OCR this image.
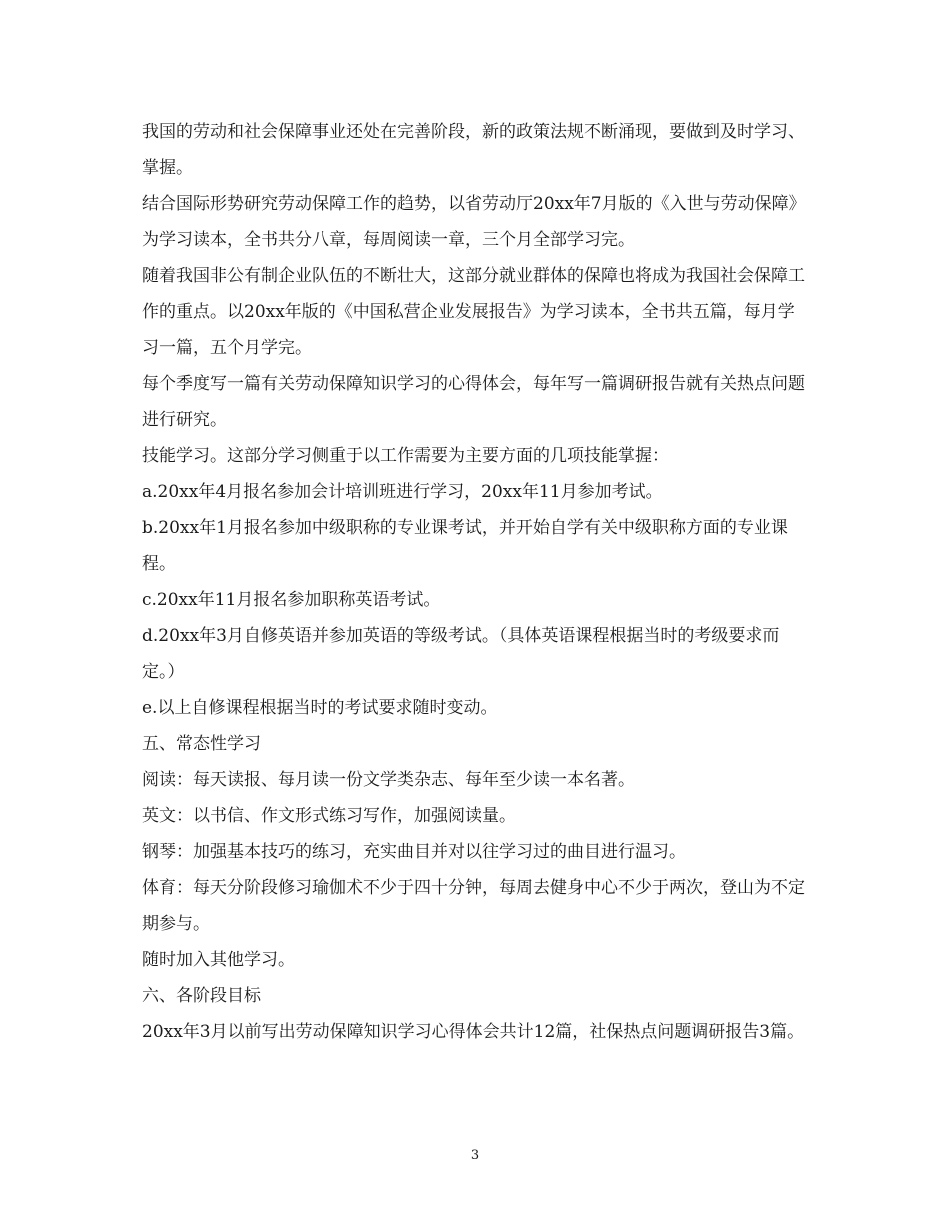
我国的劳动和社会保障事业还处在完善阶段，新的政策法规不断涌现，要做到及时学习、掌握。

结合国际形势研究劳动保障工作的趋势，以省劳动厅20xx年7月版的《入世与劳动保障》为学习读本，全书共分八章，每周阅读一章，三个月全部学习完。

随着我国非公有制企业队伍的不断壮大，这部分就业群体的保障也将成为我国社会保障工作的重点。以20xx年版的《中国私营企业发展报告》为学习读本，全书共五篇，每月学习一篇，五个月学完。

每个季度写一篇有关劳动保障知识学习的心得体会，每年写一篇调研报告就有关热点问题进行研究。

技能学习。这部分学习侧重于以工作需要为主要方面的几项技能掌握：

a.20xx年4月报名参加会计培训班进行学习，20xx年11月参加考试。

b.20xx年1月报名参加中级职称的专业课考试，并开始自学有关中级职称方面的专业课程。

c.20xx年11月报名参加职称英语考试。

d.20xx年3月自修英语并参加英语的等级考试。（具体英语课程根据当时的考级要求而定。）

e.以上自修课程根据当时的考试要求随时变动。

五、常态性学习

阅读：每天读报、每月读一份文学类杂志、每年至少读一本名著。

英文：以书信、作文形式练习写作，加强阅读量。

钢琴：加强基本技巧的练习，充实曲目并对以往学习过的曲目进行温习。

体育：每天分阶段修习瑜伽术不少于四十分钟，每周去健身中心不少于两次，登山为不定期参与。

随时加入其他学习。

六、各阶段目标

20xx年3月以前写出劳动保障知识学习心得体会共计12篇，社保热点问题调研报告3篇。

3
